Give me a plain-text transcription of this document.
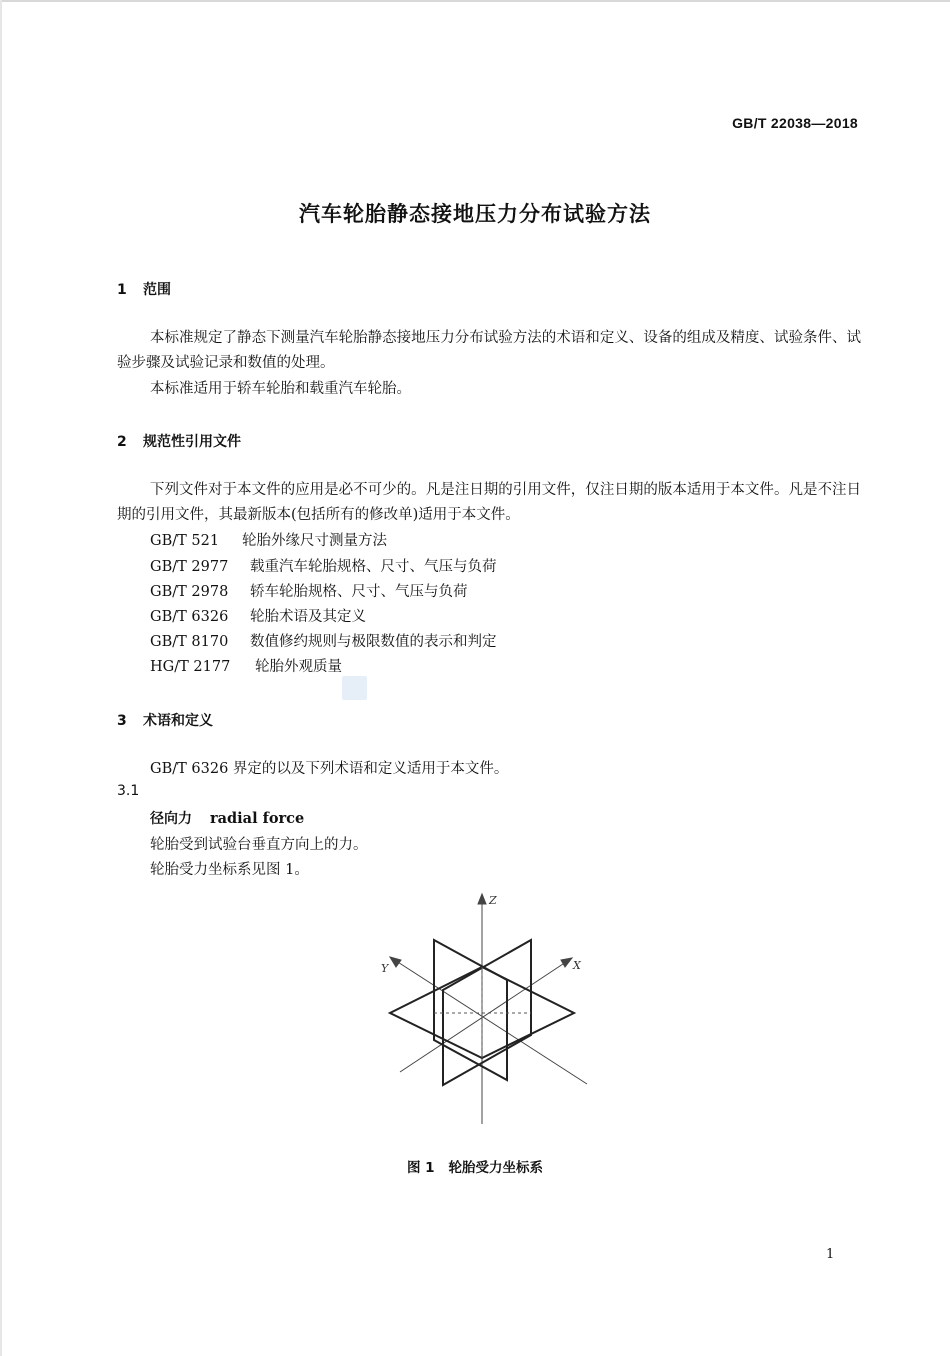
GB/T 22038—2018
汽车轮胎静态接地压力分布试验方法
1 范围
本标准规定了静态下测量汽车轮胎静态接地压力分布试验方法的术语和定义、设备的组成及精度、试验条件、试验步骤及试验记录和数值的处理。
本标准适用于轿车轮胎和载重汽车轮胎。
2 规范性引用文件
下列文件对于本文件的应用是必不可少的。凡是注日期的引用文件，仅注日期的版本适用于本文件。凡是不注日期的引用文件，其最新版本(包括所有的修改单)适用于本文件。
GB/T 521 轮胎外缘尺寸测量方法
GB/T 2977 载重汽车轮胎规格、尺寸、气压与负荷
GB/T 2978 轿车轮胎规格、尺寸、气压与负荷
GB/T 6326 轮胎术语及其定义
GB/T 8170 数值修约规则与极限数值的表示和判定
HG/T 2177 轮胎外观质量
3 术语和定义
GB/T 6326 界定的以及下列术语和定义适用于本文件。
3.1
径向力 radial force
轮胎受到试验台垂直方向上的力。
轮胎受力坐标系见图 1。
Z
Y	X
图 1 轮胎受力坐标系
1
